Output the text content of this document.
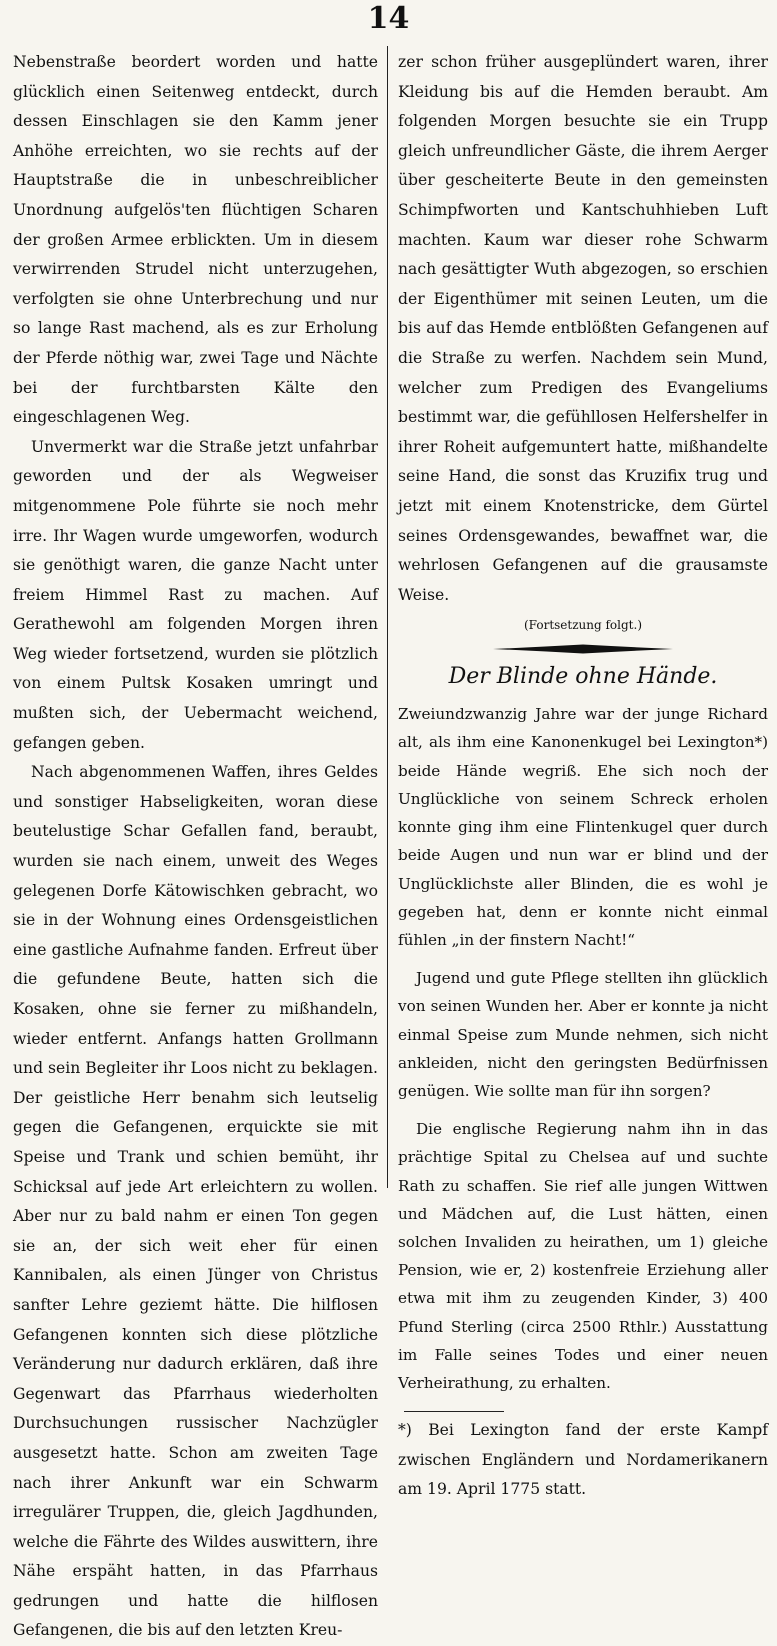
14

Nebenstraße beordert worden und hatte glücklich einen Seitenweg entdeckt, durch dessen Einschlagen sie den Kamm jener Anhöhe erreichten, wo sie rechts auf der Hauptstraße die in unbeschreiblicher Unordnung aufgelös'ten flüchtigen Scharen der großen Armee erblickten. Um in diesem verwirrenden Strudel nicht unterzugehen, verfolgten sie ohne Unterbrechung und nur so lange Rast machend, als es zur Erholung der Pferde nöthig war, zwei Tage und Nächte bei der furchtbarsten Kälte den eingeschlagenen Weg.

Unvermerkt war die Straße jetzt unfahrbar geworden und der als Wegweiser mitgenommene Pole führte sie noch mehr irre. Ihr Wagen wurde umgeworfen, wodurch sie genöthigt waren, die ganze Nacht unter freiem Himmel Rast zu machen. Auf Gerathewohl am folgenden Morgen ihren Weg wieder fortsetzend, wurden sie plötzlich von einem Pultsk Kosaken umringt und mußten sich, der Uebermacht weichend, gefangen geben.

Nach abgenommenen Waffen, ihres Geldes und sonstiger Habseligkeiten, woran diese beutelustige Schar Gefallen fand, beraubt, wurden sie nach einem, unweit des Weges gelegenen Dorfe Kätowischken gebracht, wo sie in der Wohnung eines Ordensgeistlichen eine gastliche Aufnahme fanden. Erfreut über die gefundene Beute, hatten sich die Kosaken, ohne sie ferner zu mißhandeln, wieder entfernt. Anfangs hatten Grollmann und sein Begleiter ihr Loos nicht zu beklagen. Der geistliche Herr benahm sich leutselig gegen die Gefangenen, erquickte sie mit Speise und Trank und schien bemüht, ihr Schicksal auf jede Art erleichtern zu wollen. Aber nur zu bald nahm er einen Ton gegen sie an, der sich weit eher für einen Kannibalen, als einen Jünger von Christus sanfter Lehre geziemt hätte. Die hilflosen Gefangenen konnten sich diese plötzliche Veränderung nur dadurch erklären, daß ihre Gegenwart das Pfarrhaus wiederholten Durchsuchungen russischer Nachzügler ausgesetzt hatte. Schon am zweiten Tage nach ihrer Ankunft war ein Schwarm irregulärer Truppen, die, gleich Jagdhunden, welche die Fährte des Wildes auswittern, ihre Nähe erspäht hatten, in das Pfarrhaus gedrungen und hatte die hilflosen Gefangenen, die bis auf den letzten Kreu-

zer schon früher ausgeplündert waren, ihrer Kleidung bis auf die Hemden beraubt. Am folgenden Morgen besuchte sie ein Trupp gleich unfreundlicher Gäste, die ihrem Aerger über gescheiterte Beute in den gemeinsten Schimpfworten und Kantschuhhieben Luft machten. Kaum war dieser rohe Schwarm nach gesättigter Wuth abgezogen, so erschien der Eigenthümer mit seinen Leuten, um die bis auf das Hemde entblößten Gefangenen auf die Straße zu werfen. Nachdem sein Mund, welcher zum Predigen des Evangeliums bestimmt war, die gefühllosen Helfershelfer in ihrer Roheit aufgemuntert hatte, mißhandelte seine Hand, die sonst das Kruzifix trug und jetzt mit einem Knotenstricke, dem Gürtel seines Ordensgewandes, bewaffnet war, die wehrlosen Gefangenen auf die grausamste Weise.

(Fortsetzung folgt.)
Der Blinde ohne Hände.

Zweiundzwanzig Jahre war der junge Richard alt, als ihm eine Kanonenkugel bei Lexington*) beide Hände wegriß. Ehe sich noch der Unglückliche von seinem Schreck erholen konnte ging ihm eine Flintenkugel quer durch beide Augen und nun war er blind und der Unglücklichste aller Blinden, die es wohl je gegeben hat, denn er konnte nicht einmal fühlen „in der finstern Nacht!“

Jugend und gute Pflege stellten ihn glücklich von seinen Wunden her. Aber er konnte ja nicht einmal Speise zum Munde nehmen, sich nicht ankleiden, nicht den geringsten Bedürfnissen genügen. Wie sollte man für ihn sorgen?

Die englische Regierung nahm ihn in das prächtige Spital zu Chelsea auf und suchte Rath zu schaffen. Sie rief alle jungen Wittwen und Mädchen auf, die Lust hätten, einen solchen Invaliden zu heirathen, um 1) gleiche Pension, wie er, 2) kostenfreie Erziehung aller etwa mit ihm zu zeugenden Kinder, 3) 400 Pfund Sterling (circa 2500 Rthlr.) Ausstattung im Falle seines Todes und einer neuen Verheirathung, zu erhalten.

*) Bei Lexington fand der erste Kampf zwischen Engländern und Nordamerikanern am 19. April 1775 statt.
